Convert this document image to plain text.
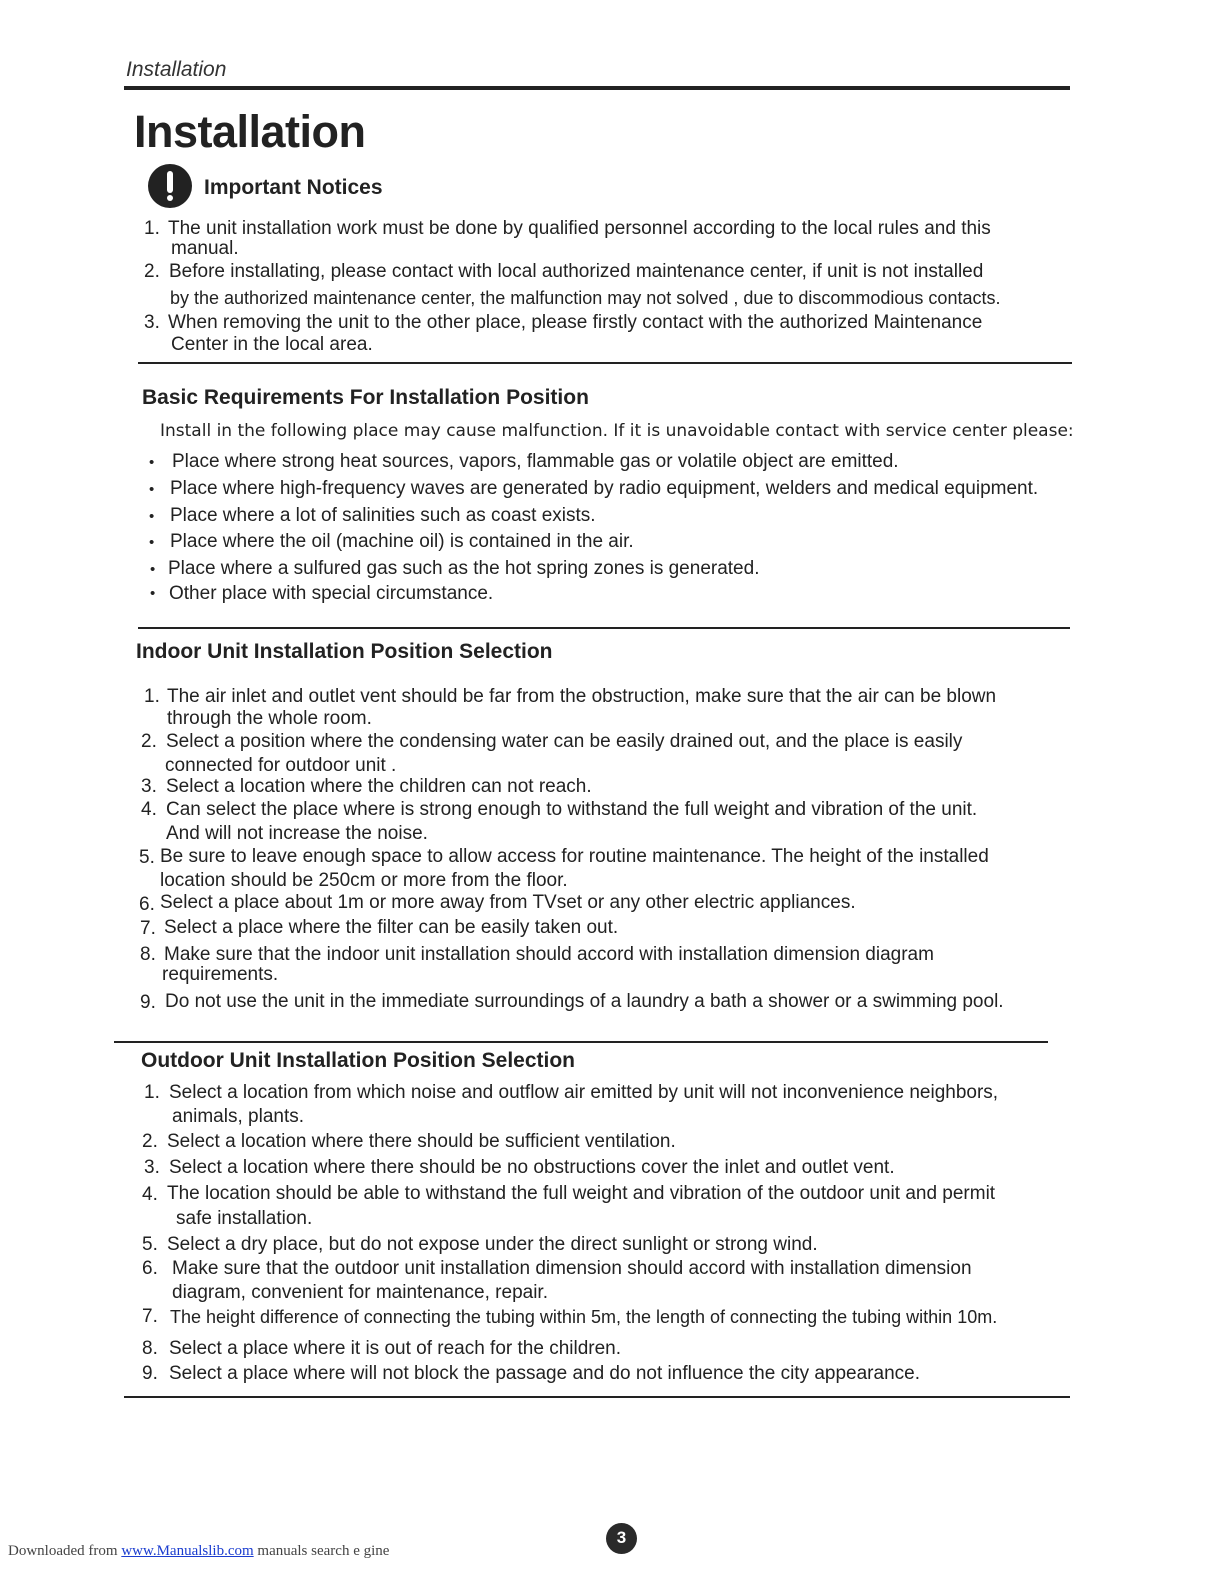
Installation
Installation
Important Notices
1. The unit installation work must be done by qualified personnel according to the local rules and this
manual.
2. Before installating, please contact with local authorized maintenance center, if unit is not installed
by the authorized maintenance center, the malfunction may not solved , due to discommodious contacts.
3. When removing the unit to the other place, please firstly contact with the authorized Maintenance
Center in the local area.
Basic Requirements For Installation Position
Install in the following place may cause malfunction. If it is unavoidable contact with service center please:
• Place where strong heat sources, vapors, flammable gas or volatile object are emitted.
• Place where high-frequency waves are generated by radio equipment, welders and medical equipment.
• Place where a lot of salinities such as coast exists.
• Place where the oil (machine oil) is contained in the air.
• Place where a sulfured gas such as the hot spring zones is generated.
• Other place with special circumstance.
Indoor Unit Installation Position Selection
1. The air inlet and outlet vent should be far from the obstruction, make sure that the air can be blown
through the whole room.
2. Select a position where the condensing water can be easily drained out, and the place is easily
connected for outdoor unit .
3. Select a location where the children can not reach.
4. Can select the place where is strong enough to withstand the full weight and vibration of the unit.
And will not increase the noise.
5. Be sure to leave enough space to allow access for routine maintenance. The height of the installed
location should be 250cm or more from the floor.
6. Select a place about 1m or more away from TVset or any other electric appliances.
7. Select a place where the filter can be easily taken out.
8. Make sure that the indoor unit installation should accord with installation dimension diagram
requirements.
9. Do not use the unit in the immediate surroundings of a laundry a bath a shower or a swimming pool.
Outdoor Unit Installation Position Selection
1. Select a location from which noise and outflow air emitted by unit will not inconvenience neighbors,
animals, plants.
2. Select a location where there should be sufficient ventilation.
3. Select a location where there should be no obstructions cover the inlet and outlet vent.
4. The location should be able to withstand the full weight and vibration of the outdoor unit and permit
safe installation.
5. Select a dry place, but do not expose under the direct sunlight or strong wind.
6. Make sure that the outdoor unit installation dimension should accord with installation dimension
diagram, convenient for maintenance, repair.
7. The height difference of connecting the tubing within 5m, the length of connecting the tubing within 10m.
8. Select a place where it is out of reach for the children.
9. Select a place where will not block the passage and do not influence the city appearance.
Downloaded from www.Manualslib.com manuals search e gine
3
